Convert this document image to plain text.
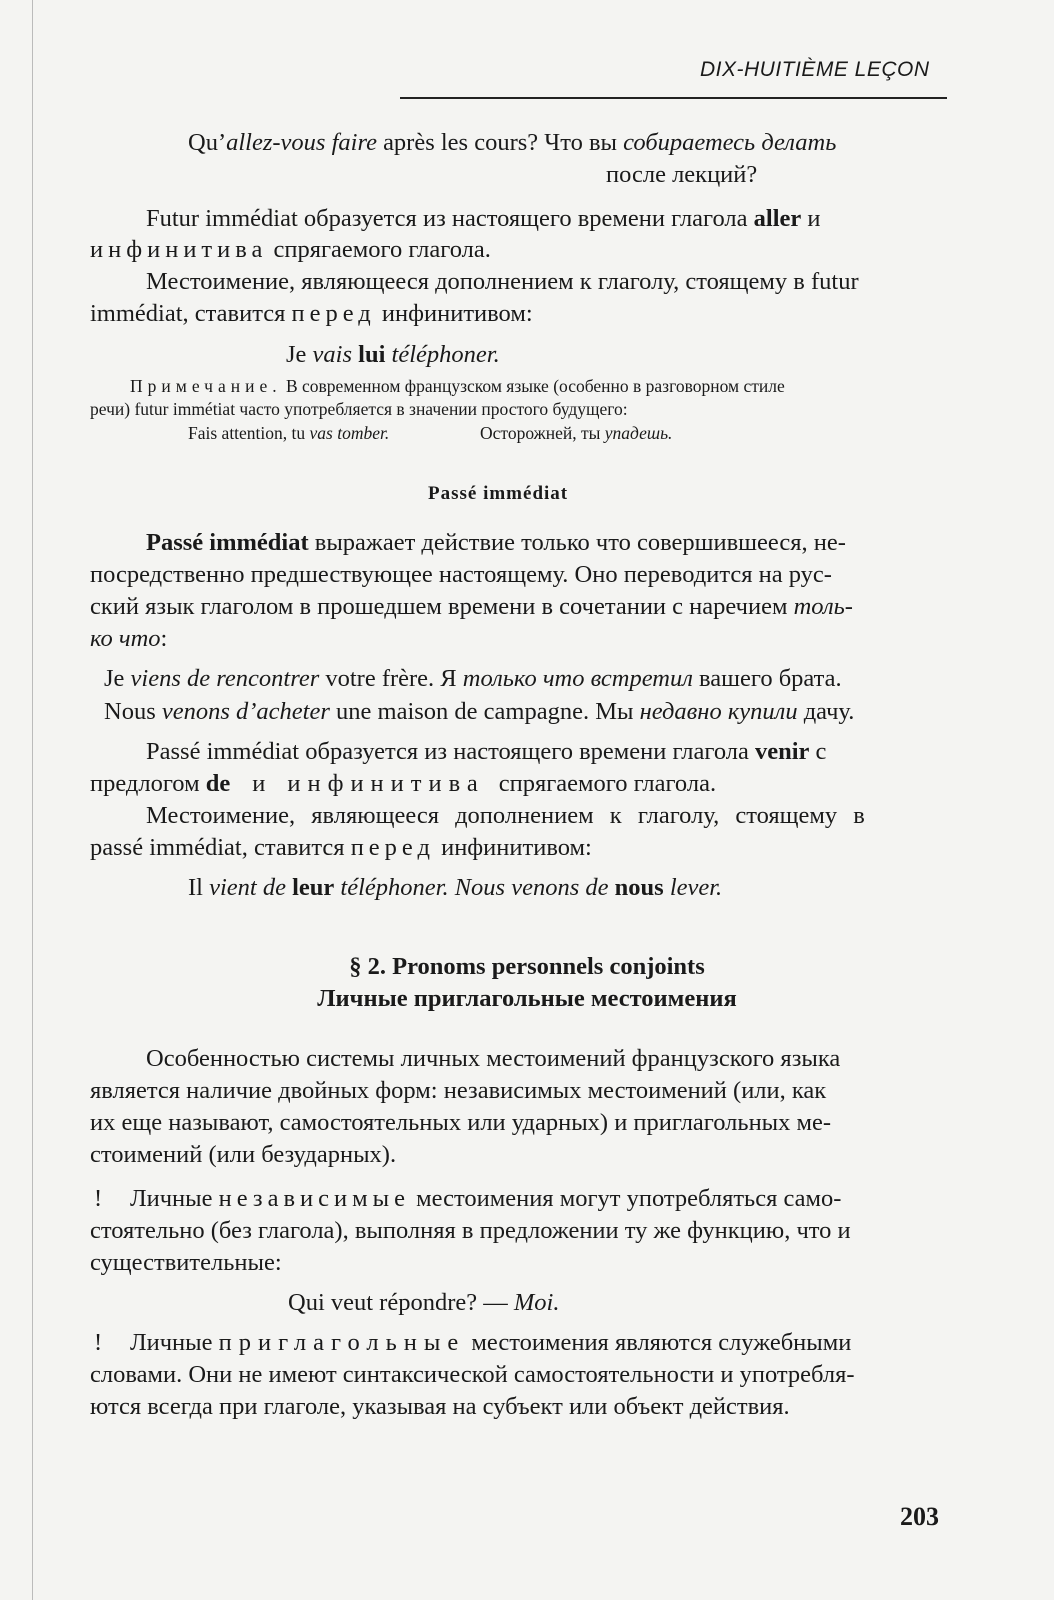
DIX-HUITIÈME LEÇON
Qu’allez-vous faire après les cours? Что вы собираетесь делать
после лекций?
Futur immédiat образуется из настоящего времени глагола aller и
инфинитива спрягаемого глагола.
Местоимение, являющееся дополнением к глаголу, стоящему в futur
immédiat, ставится перед инфинитивом:
Je vais lui téléphoner.
Примечание. В современном французском языке (особенно в разговорном стиле
речи) futur immétiat часто употребляется в значении простого будущего:
Fais attention, tu vas tomber.	Осторожней, ты упадешь.
Passé immédiat
Passé immédiat выражает действие только что совершившееся, не-
посредственно предшествующее настоящему. Оно переводится на рус-
ский язык глаголом в прошедшем времени в сочетании с наречием толь-
ко что:
Je viens de rencontrer votre frère. Я только что встретил вашего брата.
Nous venons d’acheter une maison de campagne. Мы недавно купили дачу.
Passé immédiat образуется из настоящего времени глагола venir с
предлогом de и инфинитива спрягаемого глагола.
Местоимение, являющееся дополнением к глаголу, стоящему в
passé immédiat, ставится перед инфинитивом:
Il vient de leur téléphoner. Nous venons de nous lever.
§ 2. Pronoms personnels conjoints
Личные приглагольные местоимения
Особенностью системы личных местоимений французского языка
является наличие двойных форм: независимых местоимений (или, как
их еще называют, самостоятельных или ударных) и приглагольных ме-
стоимений (или безударных).
! Личные независимые местоимения могут употребляться само-
стоятельно (без глагола), выполняя в предложении ту же функцию, что и
существительные:
Qui veut répondre? — Moi.
! Личные приглагольные местоимения являются служебными
словами. Они не имеют синтаксической самостоятельности и употребля-
ются всегда при глаголе, указывая на субъект или объект действия.
203
